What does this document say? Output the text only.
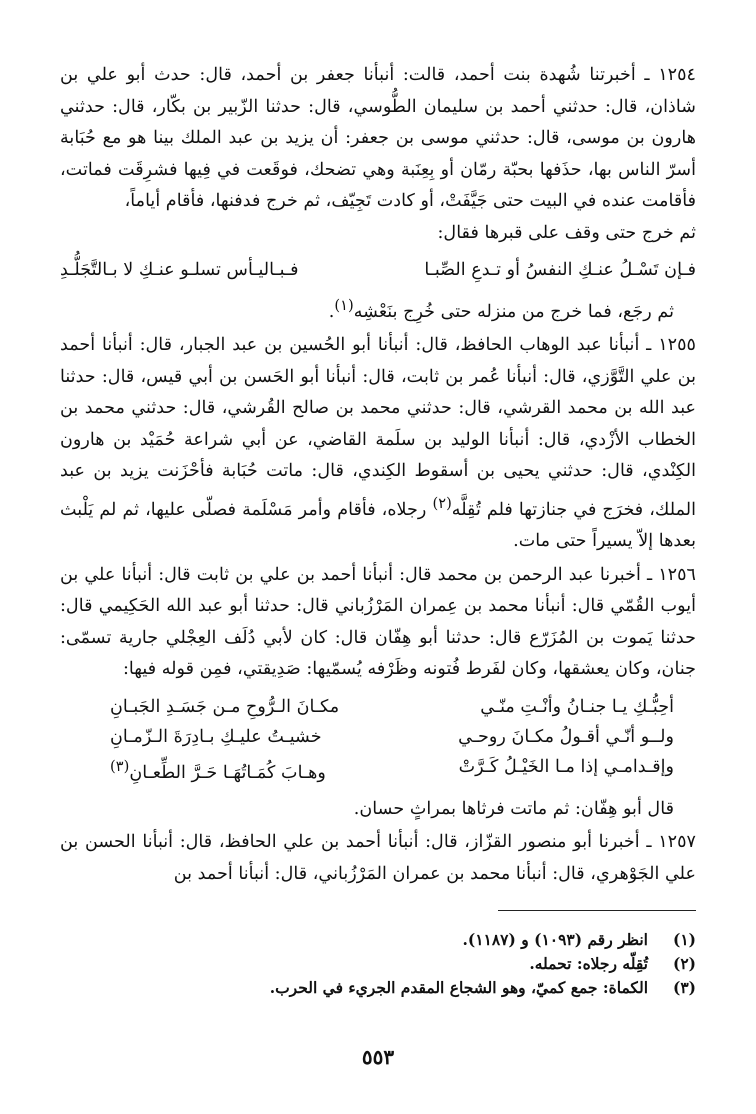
١٢٥٤ ـ أخبرتنا شُهدة بنت أحمد، قالت: أنبأنا جعفر بن أحمد، قال: حدث أبو علي بن شاذان، قال: حدثني أحمد بن سليمان الطُّوسي، قال: حدثنا الزّبير بن بكّار، قال: حدثني هارون بن موسى، قال: حدثني موسى بن جعفر: أن يزيد بن عبد الملك بينا هو مع حُبَابة أسرّ الناس بها، حذَفها بحبّة رمّان أو بِعِنَبة وهي تضحك، فوقَعت في فِيها فشرِقَت فماتت، فأقامت عنده في البيت حتى جَيَّفَتْ، أو كادت تَجِيّف، ثم خرج فدفنها، فأقام أياماً،
ثم خرج حتى وقف على قبرها فقال:
فـإن تَسْـلُ عنـكِ النفسُ أو تـدعِ الصِّبـا
فـبـاليـأس تسلـو عنـكِ لا بـالتَّجَلُّـدِ
ثم رجَع، فما خرج من منزله حتى خُرِج بنَعْشِه$^{(١)}$.
١٢٥٥ ـ أنبأنا عبد الوهاب الحافظ، قال: أنبأنا أبو الحُسين بن عبد الجبار، قال: أنبأنا أحمد بن علي التَّوَّزي، قال: أنبأنا عُمر بن ثابت، قال: أنبأنا أبو الحَسن بن أبي قيس، قال: حدثنا عبد الله بن محمد القرشي، قال: حدثني محمد بن صالح القُرشي، قال: حدثني محمد بن الخطاب الأزْدي، قال: أنبأنا الوليد بن سلَمة القاضي، عن أبي شراعة حُمَيْد بن هارون الكِنْدي، قال: حدثني يحيى بن أسقوط الكِندي، قال: ماتت حُبَابة فأحْزَنت يزيد بن عبد الملك، فخرَج في جنازتها فلم تُقِلَّه$^{(٢)}$ رجلاه، فأقام وأمر مَسْلَمة فصلّى عليها، ثم لم يَلْبث بعدها إلاّ يسيراً حتى مات.
١٢٥٦ ـ أخبرنا عبد الرحمن بن محمد قال: أنبأنا أحمد بن علي بن ثابت قال: أنبأنا علي بن أيوب القُمّي قال: أنبأنا محمد بن عِمران المَرْزُباني قال: حدثنا أبو عبد الله الحَكِيمي قال: حدثنا يَموت بن المُزَرّع قال: حدثنا أبو هِفّان قال: كان لأبي دُلَف العِجْلي جارية تسمّى: جنان، وكان يعشقها، وكان لفَرط فُتونه وظَرْفه يُسمّيها: صَدِيقتي، فمِن قوله فيها:
أحِبُّـكِ يـا جنـانُ وأنْـتِ منّـي
مكـانَ الـرُّوحِ مـن جَسَـدِ الجَبـانِ
ولــو أنّـي أقـولُ مكـانَ روحـي
خشيـتُ عليـكِ بـادِرَةَ الـزّمـانِ
وإقـدامـي إذا مـا الخَيْـلُ كَـرَّتْ
وهـابَ كُمَـاتُهَـا حَـرَّ الطِّعـانِ$^{(٣)}$
قال أبو هِفّان: ثم ماتت فرثاها بمراثٍ حسان.
١٢٥٧ ـ أخبرنا أبو منصور القزّاز، قال: أنبأنا أحمد بن علي الحافظ، قال: أنبأنا الحسن بن علي الجَوْهري، قال: أنبأنا محمد بن عمران المَرْزُباني، قال: أنبأنا أحمد بن
(١)
انظر رقم (١٠٩٣) و (١١٨٧).
(٢)
تُقِلّه رجلاه: تحمله.
(٣)
الكماة: جمع كميّ، وهو الشجاع المقدم الجريء في الحرب.
٥٥٣
